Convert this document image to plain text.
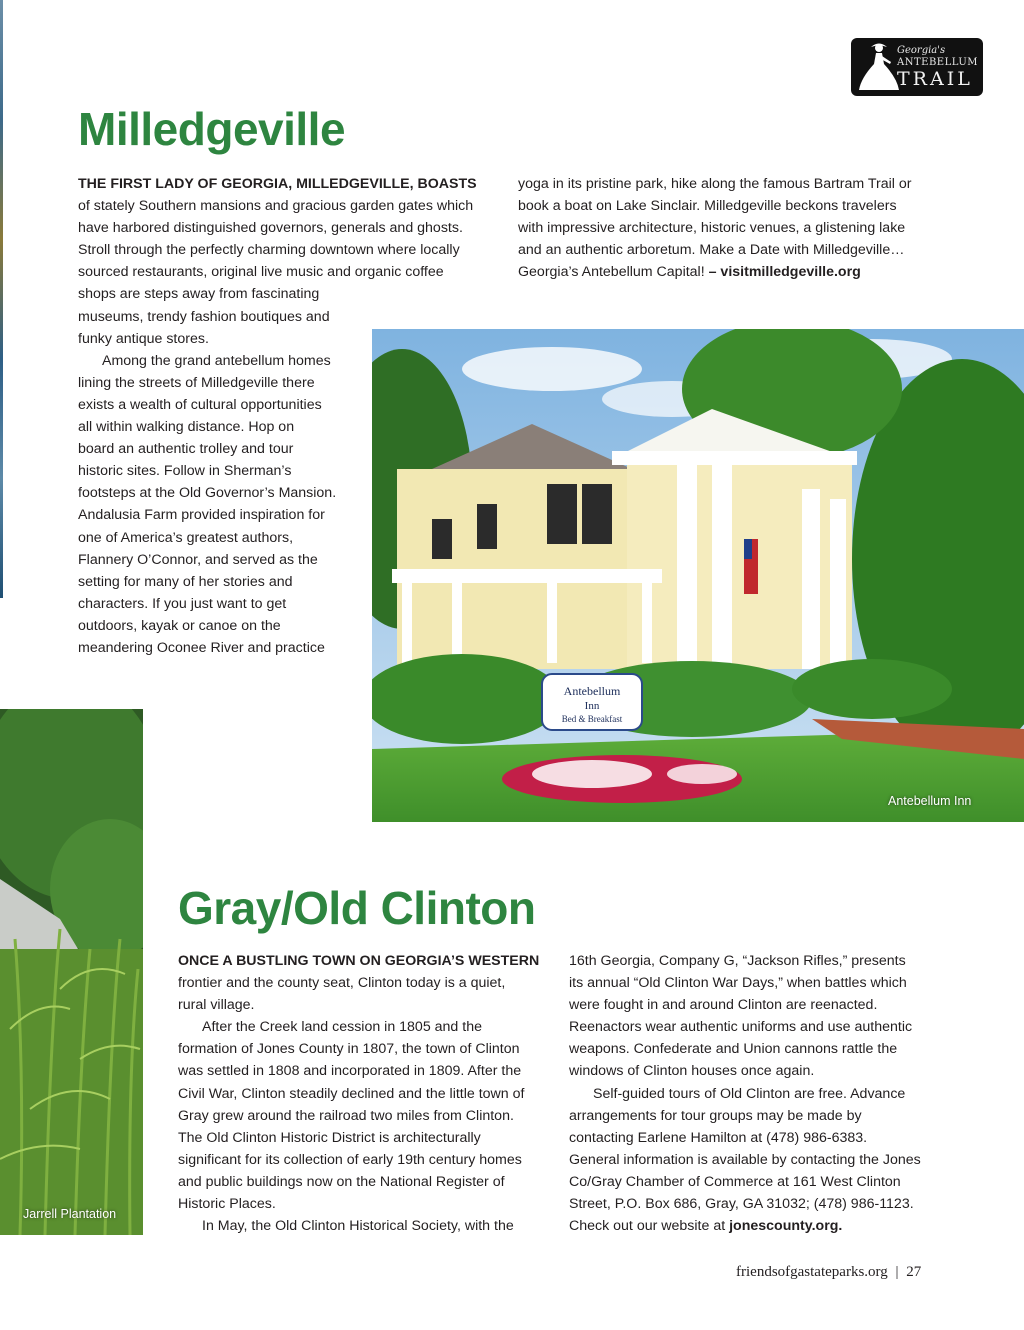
Georgia's
ANTEBELLUM
TRAIL
Milledgeville

THE FIRST LADY OF GEORGIA, MILLEDGEVILLE, BOASTS
of stately Southern mansions and gracious garden gates which
have harbored distinguished governors, generals and ghosts.
Stroll through the perfectly charming downtown where locally
sourced restaurants, original live music and organic coffee
shops are steps away from fascinating
museums, trendy fashion boutiques and
funky antique stores.
Among the grand antebellum homes
lining the streets of Milledgeville there
exists a wealth of cultural opportunities
all within walking distance. Hop on
board an authentic trolley and tour
historic sites. Follow in Sherman’s
footsteps at the Old Governor’s Mansion.
Andalusia Farm provided inspiration for
one of America’s greatest authors,
Flannery O’Connor, and served as the
setting for many of her stories and
characters. If you just want to get
outdoors, kayak or canoe on the
meandering Oconee River and practice

yoga in its pristine park, hike along the famous Bartram Trail or
book a boat on Lake Sinclair. Milledgeville beckons travelers
with impressive architecture, historic venues, a glistening lake
and an authentic arboretum. Make a Date with Milledgeville…
Georgia’s Antebellum Capital! – visitmilledgeville.org

Antebellum
Inn
Bed & Breakfast
Antebellum Inn
Jarrell Plantation
Gray/Old Clinton

ONCE A BUSTLING TOWN ON GEORGIA’S WESTERN
frontier and the county seat, Clinton today is a quiet,
rural village.
After the Creek land cession in 1805 and the
formation of Jones County in 1807, the town of Clinton
was settled in 1808 and incorporated in 1809. After the
Civil War, Clinton steadily declined and the little town of
Gray grew around the railroad two miles from Clinton.
The Old Clinton Historic District is architecturally
significant for its collection of early 19th century homes
and public buildings now on the National Register of
Historic Places.
In May, the Old Clinton Historical Society, with the

16th Georgia, Company G, “Jackson Rifles,” presents
its annual “Old Clinton War Days,” when battles which
were fought in and around Clinton are reenacted.
Reenactors wear authentic uniforms and use authentic
weapons. Confederate and Union cannons rattle the
windows of Clinton houses once again.
Self-guided tours of Old Clinton are free. Advance
arrangements for tour groups may be made by
contacting Earlene Hamilton at (478) 986-6383.
General information is available by contacting the Jones
Co/Gray Chamber of Commerce at 161 West Clinton
Street, P.O. Box 686, Gray, GA 31032; (478) 986-1123.
Check out our website at jonescounty.org.

friendsofgastateparks.org | 27
